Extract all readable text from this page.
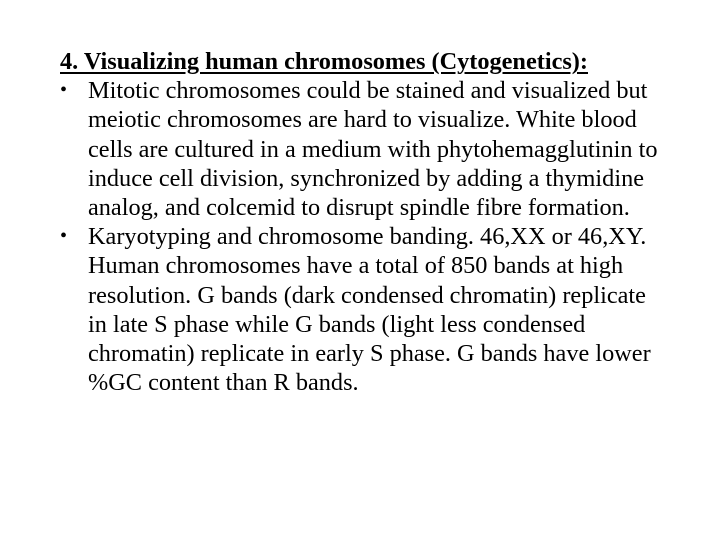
4. Visualizing human chromosomes (Cytogenetics):

• Mitotic chromosomes could be stained and visualized but meiotic chromosomes are hard to visualize. White blood cells are cultured in a medium with phytohemagglutinin to induce cell division, synchronized by adding a thymidine analog, and colcemid to disrupt spindle fibre formation.
• Karyotyping and chromosome banding. 46,XX or 46,XY. Human chromosomes have a total of 850 bands at high resolution. G bands (dark condensed chromatin) replicate in late S phase while G bands (light less condensed chromatin) replicate in early S phase. G bands have lower %GC content than R bands.
